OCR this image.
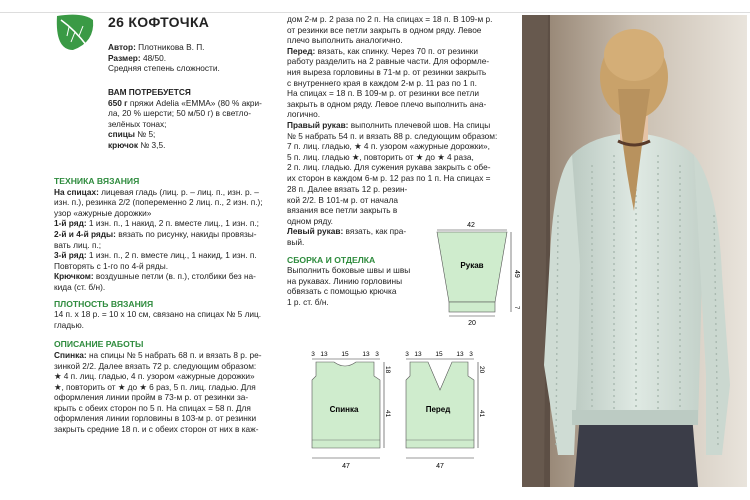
26 КОФТОЧКА

Автор: Плотникова В. П.

Размер: 48/50.

Средняя степень сложности.

ВАМ ПОТРЕБУЕТСЯ

650 г пряжи Adelia «EMMA» (80 % акри-

ла, 20 % шерсти; 50 м/50 г) в светло-

зелёных тонах;

спицы № 5;

крючок № 3,5.

ТЕХНИКА ВЯЗАНИЯ

На спицах: лицевая гладь (лиц. р. – лиц. п., изн. р. –

изн. п.), резинка 2/2 (попеременно 2 лиц. п., 2 изн. п.);

узор «ажурные дорожки»

1-й ряд: 1 изн. п., 1 накид, 2 п. вместе лиц., 1 изн. п.;

2-й и 4-й ряды: вязать по рисунку, накиды провязы-

вать лиц. п.;

3-й ряд: 1 изн. п., 2 п. вместе лиц., 1 накид, 1 изн. п.

Повторять с 1-го по 4-й ряды.

Крючком: воздушные петли (в. п.), столбики без на-

кида (ст. б/н).

ПЛОТНОСТЬ ВЯЗАНИЯ

14 п. х 18 р. = 10 х 10 см, связано на спицах № 5 лиц.

гладью.

ОПИСАНИЕ РАБОТЫ

Спинка: на спицы № 5 набрать 68 п. и вязать 8 р. ре-

зинкой 2/2. Далее вязать 72 р. следующим образом:

★ 4 п. лиц. гладью, 4 п. узором «ажурные дорожки»

★, повторить от ★ до ★ 6 раз, 5 п. лиц. гладью. Для

оформления линии пройм в 73-м р. от резинки за-

крыть с обеих сторон по 5 п. На спицах = 58 п. Для

оформления линии горловины в 103-м р. от резинки

закрыть средние 18 п. и с обеих сторон от них в каж-

дом 2-м р. 2 раза по 2 п. На спицах = 18 п. В 109-м р.

от резинки все петли закрыть в одном ряду. Левое

плечо выполнить аналогично.

Перед: вязать, как спинку. Через 70 п. от резинки

работу разделить на 2 равные части. Для оформле-

ния выреза горловины в 71-м р. от резинки закрыть

с внутреннего края в каждом 2-м р. 11 раз по 1 п.

На спицах = 18 п. В 109-м р. от резинки все петли

закрыть в одном ряду. Левое плечо выполнить ана-

логично.

Правый рукав: выполнить плечевой шов. На спицы

№ 5 набрать 54 п. и вязать 88 р. следующим образом:

7 п. лиц. гладью, ★ 4 п. узором «ажурные дорожки»,

5 п. лиц. гладью ★, повторить от ★ до ★ 4 раза,

2 п. лиц. гладью. Для сужения рукава закрыть с обе-

их сторон в каждом 6-м р. 12 раз по 1 п. На спицах =

28 п. Далее вязать 12 р. резин-

кой 2/2. В 101-м р. от начала

вязания все петли закрыть в

одном ряду.

Левый рукав: вязать, как пра-

вый.

СБОРКА И ОТДЕЛКА

Выполнить боковые швы и швы

на рукавах. Линию горловины

обвязать с помощью крючка

1 р. ст. б/н.

42
Рукав
49
7
20
3 13 15 13 3
Спинка
18
41
47
3 13 15 13 3
Перед
20
41
47
